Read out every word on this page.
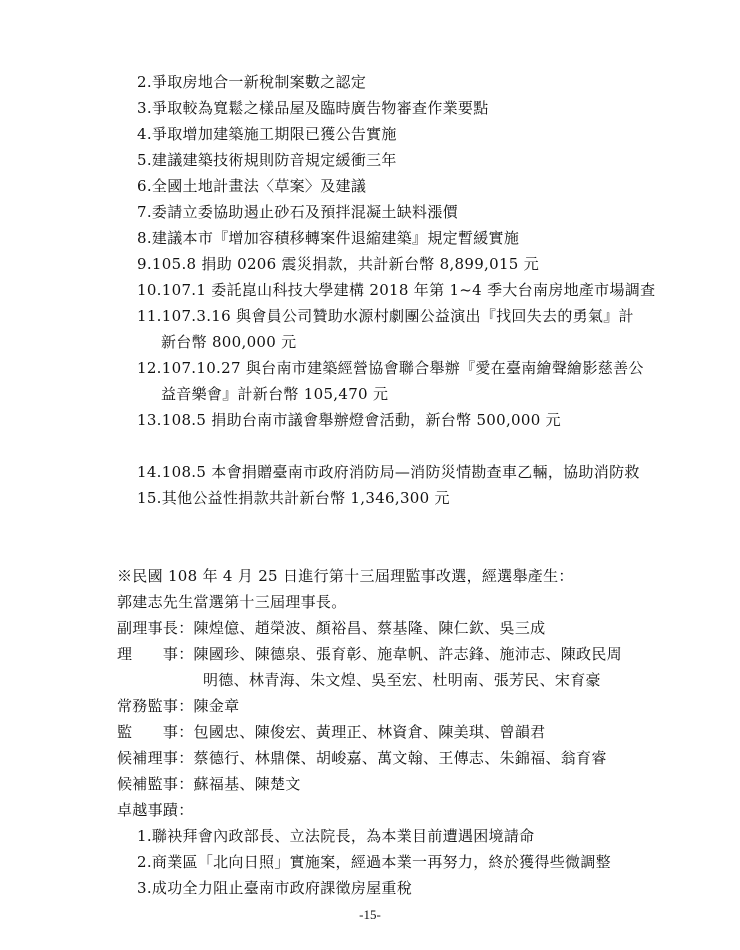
2.爭取房地合一新稅制案數之認定
3.爭取較為寬鬆之樣品屋及臨時廣告物審查作業要點
4.爭取增加建築施工期限已獲公告實施
5.建議建築技術規則防音規定緩衝三年
6.全國土地計畫法〈草案〉及建議
7.委請立委協助遏止砂石及預拌混凝土缺料漲價
8.建議本市『增加容積移轉案件退縮建築』規定暫緩實施
9.105.8 捐助 0206 震災捐款，共計新台幣 8,899,015 元
10.107.1 委託崑山科技大學建構 2018 年第 1~4 季大台南房地產市場調查
11.107.3.16 與會員公司贊助水源村劇團公益演出『找回失去的勇氣』計
新台幣 800,000 元
12.107.10.27 與台南市建築經營協會聯合舉辦『愛在臺南繪聲繪影慈善公
益音樂會』計新台幣 105,470 元
13.108.5 捐助台南市議會舉辦燈會活動，新台幣 500,000 元
14.108.5 本會捐贈臺南市政府消防局—消防災情勘查車乙輛，協助消防救
15.其他公益性捐款共計新台幣 1,346,300 元
※民國 108 年 4 月 25 日進行第十三屆理監事改選，經選舉產生：
郭建志先生當選第十三屆理事長。
副理事長：陳煌億、趙榮波、顏裕昌、蔡基隆、陳仁欽、吳三成
理　　事：陳國珍、陳德泉、張育彰、施韋帆、許志鋒、施沛志、陳政民周
明德、林青海、朱文煌、吳至宏、杜明南、張芳民、宋育豪
常務監事：陳金章
監　　事：包國忠、陳俊宏、黃理正、林資倉、陳美琪、曾韻君
候補理事：蔡德行、林鼎傑、胡峻嘉、萬文翰、王傳志、朱錦福、翁育睿
候補監事：蘇福基、陳楚文
卓越事蹟：
1.聯袂拜會內政部長、立法院長，為本業目前遭遇困境請命
2.商業區「北向日照」實施案，經過本業一再努力，終於獲得些微調整
3.成功全力阻止臺南市政府課徵房屋重稅
-15-
